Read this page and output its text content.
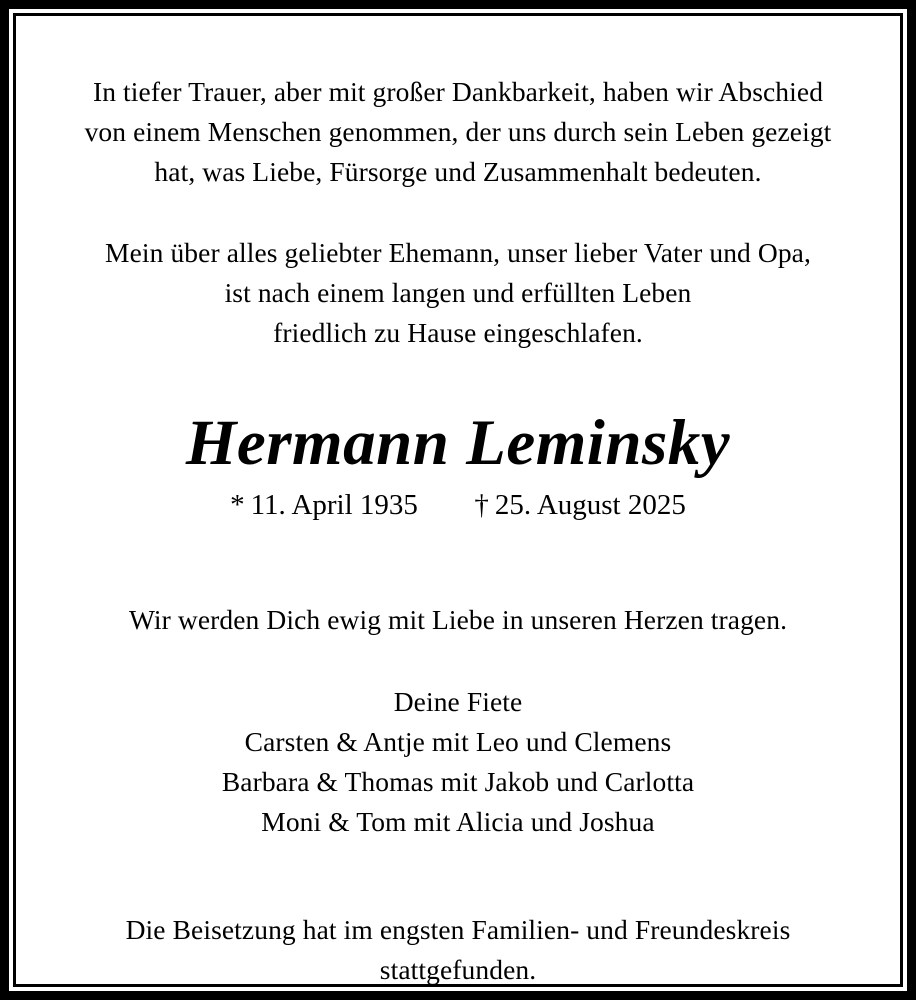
In tiefer Trauer, aber mit großer Dankbarkeit, haben wir Abschied
von einem Menschen genommen, der uns durch sein Leben gezeigt
hat, was Liebe, Fürsorge und Zusammenhalt bedeuten.

Mein über alles geliebter Ehemann, unser lieber Vater und Opa,
ist nach einem langen und erfüllten Leben
friedlich zu Hause eingeschlafen.

Hermann Leminsky

* 11. April 1935 † 25. August 2025

Wir werden Dich ewig mit Liebe in unseren Herzen tragen.

Deine Fiete
Carsten & Antje mit Leo und Clemens
Barbara & Thomas mit Jakob und Carlotta
Moni & Tom mit Alicia und Joshua

Die Beisetzung hat im engsten Familien- und Freundeskreis
stattgefunden.
